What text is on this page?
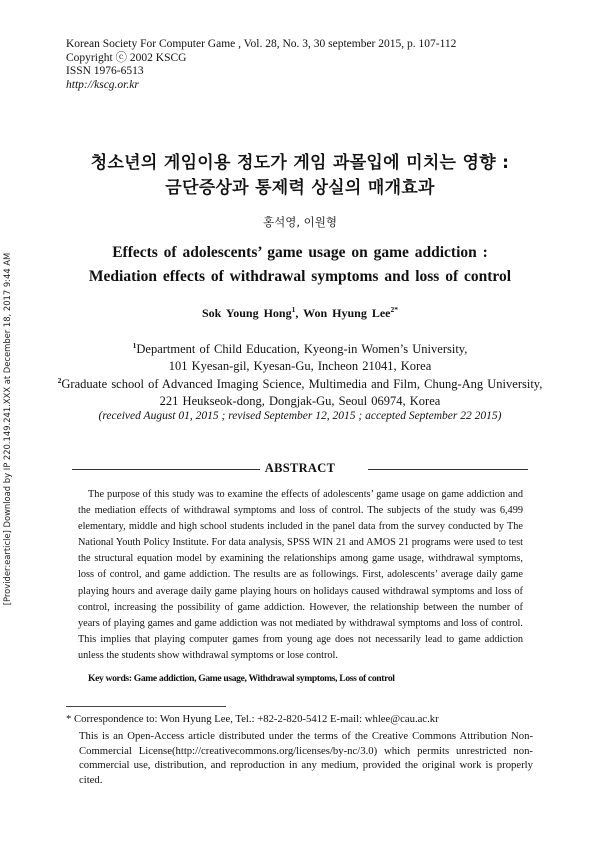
Korean Society For Computer Game , Vol. 28, No. 3, 30 september 2015, p. 107-112
Copyright ⓒ 2002 KSCG
ISSN 1976-6513
http://kscg.or.kr
[Provider:earticle] Download by IP 220.149.241.XXX at December 18, 2017 9:44 AM
청소년의 게임이용 정도가 게임 과몰입에 미치는 영향 :
금단증상과 통제력 상실의 매개효과
홍석영, 이원형
Effects of adolescents’ game usage on game addiction :
Mediation effects of withdrawal symptoms and loss of control
Sok Young Hong$^1$, Won Hyung Lee$^{2*}$
$^1$Department of Child Education, Kyeong-in Women’s University,
101 Kyesan-gil, Kyesan-Gu, Incheon 21041, Korea
$^2$Graduate school of Advanced Imaging Science, Multimedia and Film, Chung-Ang University,
221 Heukseok-dong, Dongjak-Gu, Seoul 06974, Korea
(received August 01, 2015 ; revised September 12, 2015 ; accepted September 22 2015)
ABSTRACT

The purpose of this study was to examine the effects of adolescents’ game usage on game addiction and the mediation effects of withdrawal symptoms and loss of control. The subjects of the study was 6,499 elementary, middle and high school students included in the panel data from the survey conducted by The National Youth Policy Institute. For data analysis, SPSS WIN 21 and AMOS 21 programs were used to test the structural equation model by examining the relationships among game usage, withdrawal symptoms, loss of control, and game addiction. The results are as followings. First, adolescents’ average daily game playing hours and average daily game playing hours on holidays caused withdrawal symptoms and loss of control, increasing the possibility of game addiction. However, the relationship between the number of years of playing games and game addiction was not mediated by withdrawal symptoms and loss of control. This implies that playing computer games from young age does not necessarily lead to game addiction unless the students show withdrawal symptoms or lose control.

Key words: Game addiction, Game usage, Withdrawal symptoms, Loss of control
* Correspondence to: Won Hyung Lee, Tel.: +82-2-820-5412 E-mail: whlee@cau.ac.kr

This is an Open-Access article distributed under the terms of the Creative Commons Attribution Non-Commercial License(http://creativecommons.org/licenses/by-nc/3.0) which permits unrestricted non-commercial use, distribution, and reproduction in any medium, provided the original work is properly cited.
